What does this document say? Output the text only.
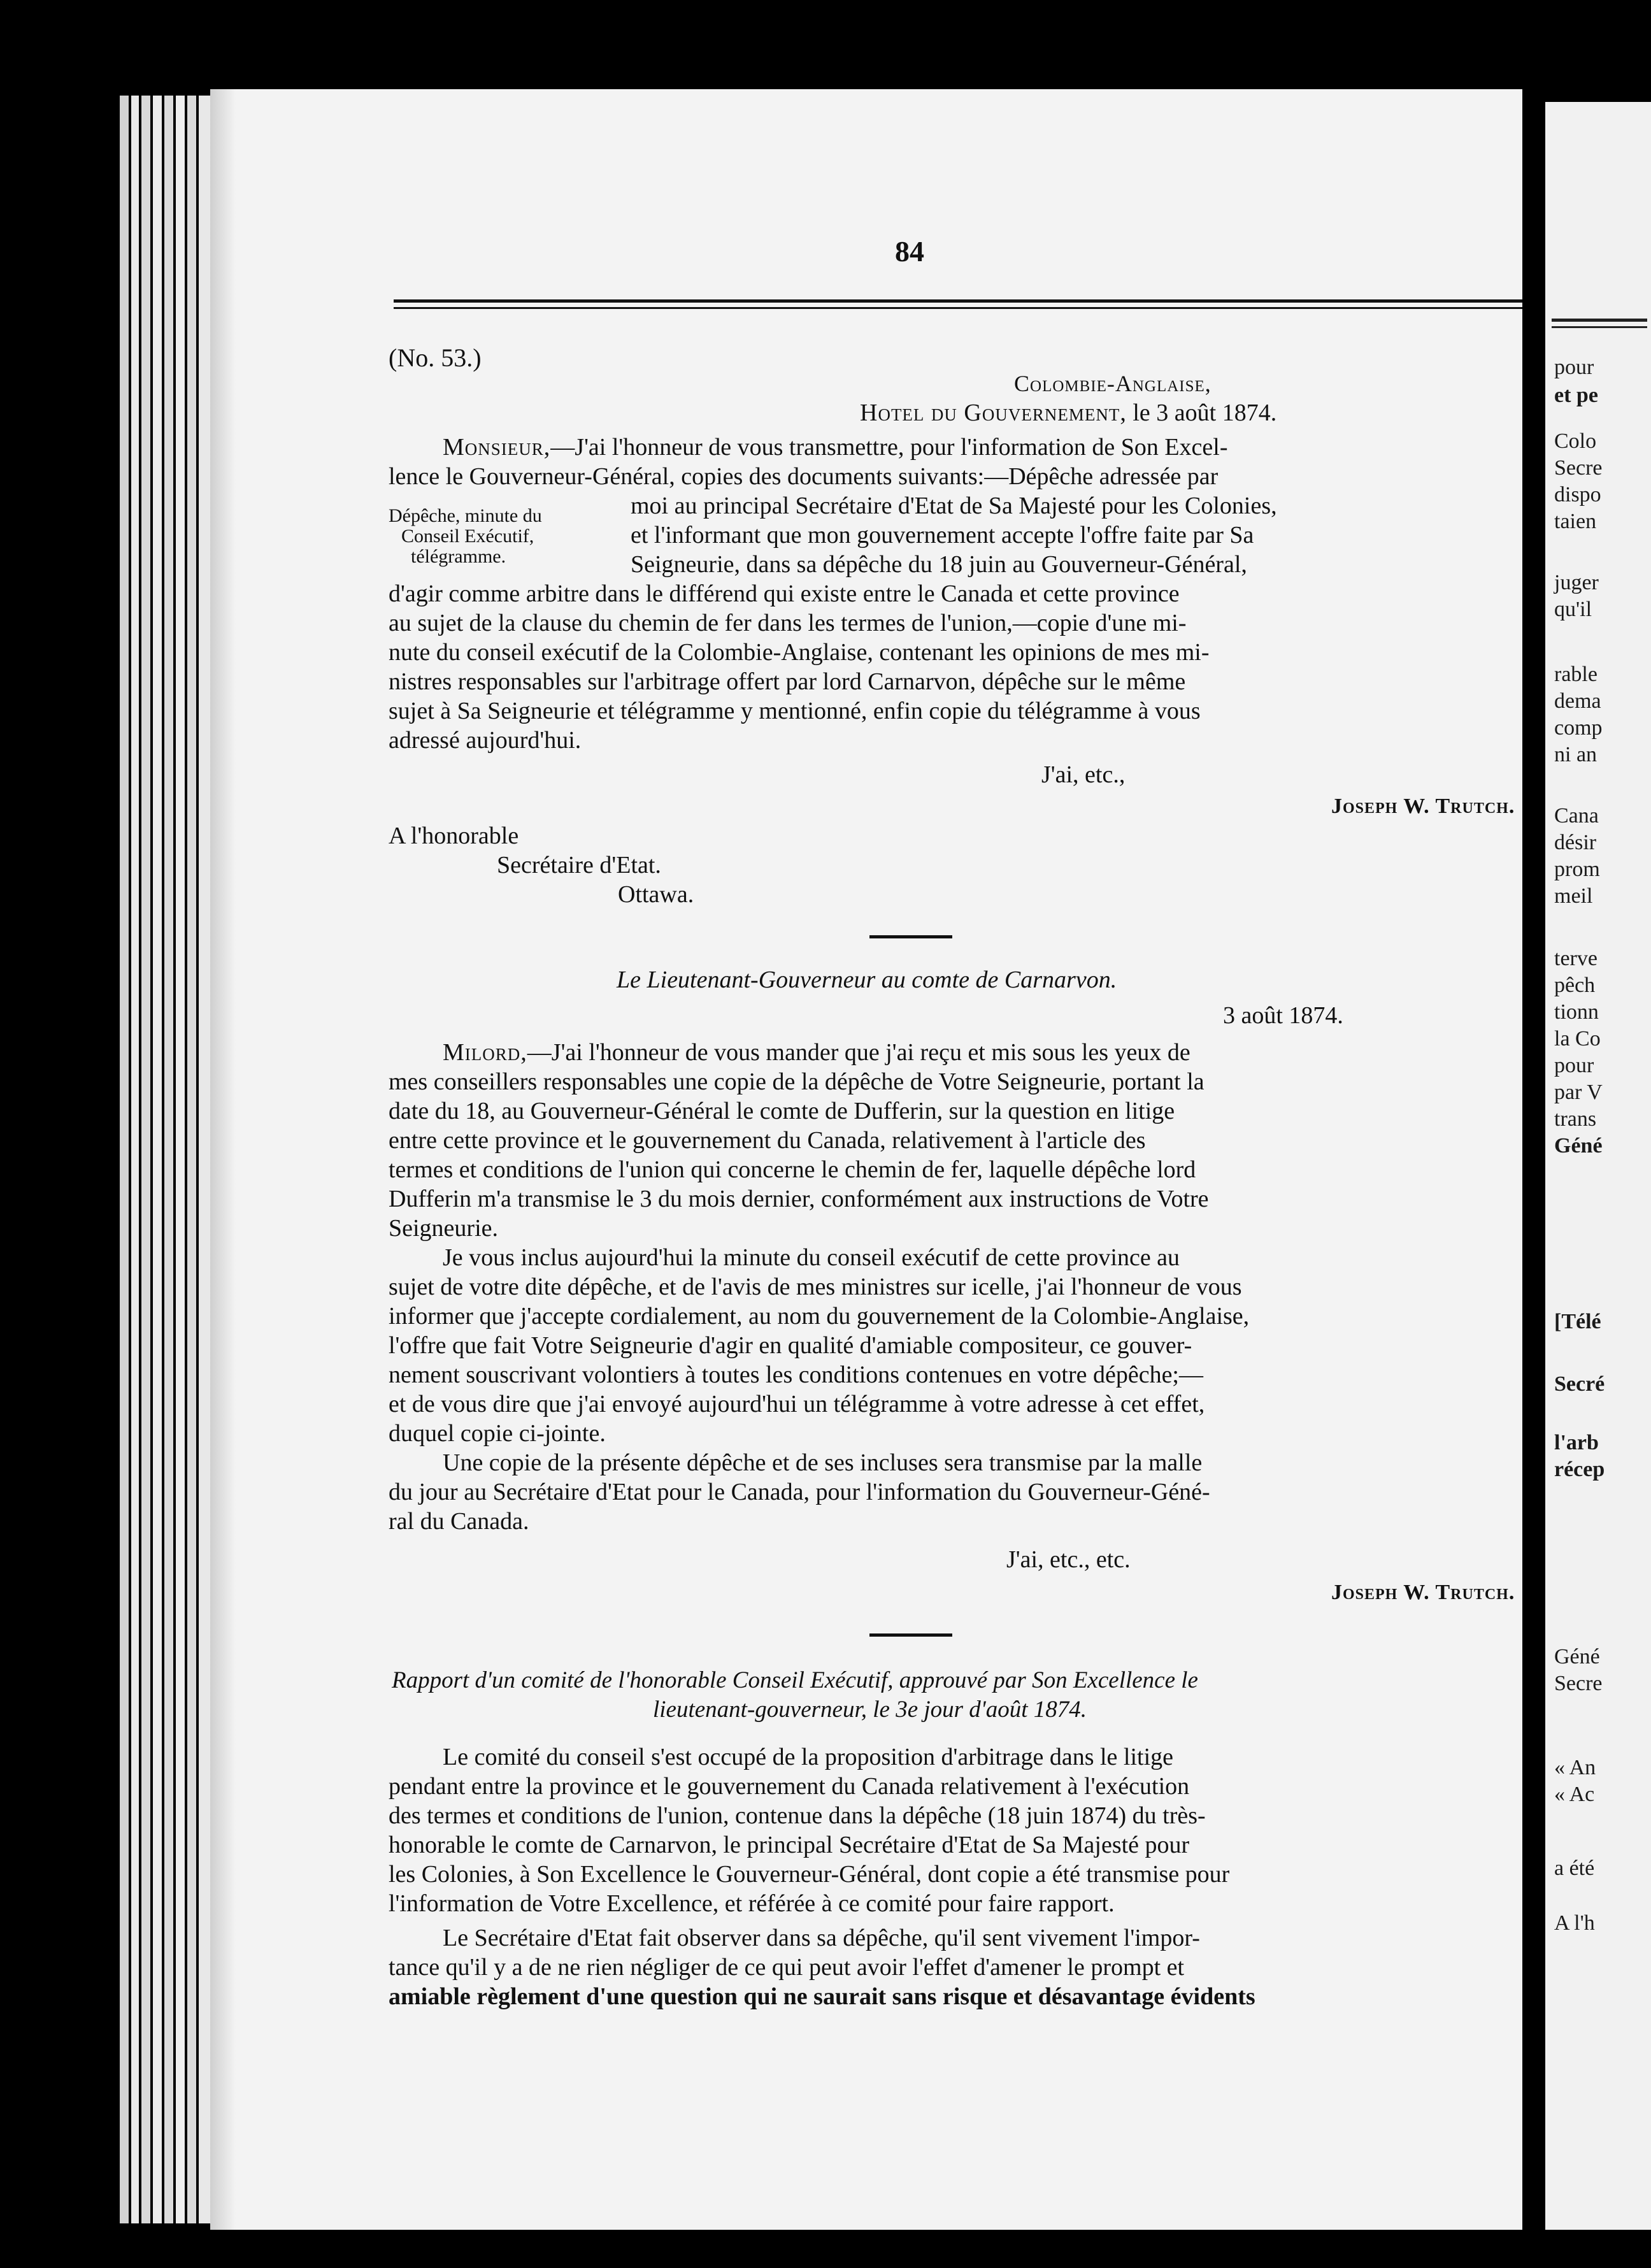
84
(No. 53.)
Colombie-Anglaise,
Hotel du Gouvernement, le 3 août 1874.
Monsieur,—J'ai l'honneur de vous transmettre, pour l'information de Son Excel-
lence le Gouverneur-Général, copies des documents suivants:—Dépêche adressée par
Dépêche, minute du
Conseil Exécutif,
télégramme.
moi au principal Secrétaire d'Etat de Sa Majesté pour les Colonies,
et l'informant que mon gouvernement accepte l'offre faite par Sa
Seigneurie, dans sa dépêche du 18 juin au Gouverneur-Général,
d'agir comme arbitre dans le différend qui existe entre le Canada et cette province
au sujet de la clause du chemin de fer dans les termes de l'union,—copie d'une mi-
nute du conseil exécutif de la Colombie-Anglaise, contenant les opinions de mes mi-
nistres responsables sur l'arbitrage offert par lord Carnarvon, dépêche sur le même
sujet à Sa Seigneurie et télégramme y mentionné, enfin copie du télégramme à vous
adressé aujourd'hui.
J'ai, etc.,
Joseph W. Trutch.
A l'honorable
Secrétaire d'Etat.
Ottawa.
Le Lieutenant-Gouverneur au comte de Carnarvon.
3 août 1874.
Milord,—J'ai l'honneur de vous mander que j'ai reçu et mis sous les yeux de
mes conseillers responsables une copie de la dépêche de Votre Seigneurie, portant la
date du 18, au Gouverneur-Général le comte de Dufferin, sur la question en litige
entre cette province et le gouvernement du Canada, relativement à l'article des
termes et conditions de l'union qui concerne le chemin de fer, laquelle dépêche lord
Dufferin m'a transmise le 3 du mois dernier, conformément aux instructions de Votre
Seigneurie.
Je vous inclus aujourd'hui la minute du conseil exécutif de cette province au
sujet de votre dite dépêche, et de l'avis de mes ministres sur icelle, j'ai l'honneur de vous
informer que j'accepte cordialement, au nom du gouvernement de la Colombie-Anglaise,
l'offre que fait Votre Seigneurie d'agir en qualité d'amiable compositeur, ce gouver-
nement souscrivant volontiers à toutes les conditions contenues en votre dépêche;—
et de vous dire que j'ai envoyé aujourd'hui un télégramme à votre adresse à cet effet,
duquel copie ci-jointe.
Une copie de la présente dépêche et de ses incluses sera transmise par la malle
du jour au Secrétaire d'Etat pour le Canada, pour l'information du Gouverneur-Géné-
ral du Canada.
J'ai, etc., etc.
Joseph W. Trutch.
Rapport d'un comité de l'honorable Conseil Exécutif, approuvé par Son Excellence le
lieutenant-gouverneur, le 3e jour d'août 1874.
Le comité du conseil s'est occupé de la proposition d'arbitrage dans le litige
pendant entre la province et le gouvernement du Canada relativement à l'exécution
des termes et conditions de l'union, contenue dans la dépêche (18 juin 1874) du très-
honorable le comte de Carnarvon, le principal Secrétaire d'Etat de Sa Majesté pour
les Colonies, à Son Excellence le Gouverneur-Général, dont copie a été transmise pour
l'information de Votre Excellence, et référée à ce comité pour faire rapport.
Le Secrétaire d'Etat fait observer dans sa dépêche, qu'il sent vivement l'impor-
tance qu'il y a de ne rien négliger de ce qui peut avoir l'effet d'amener le prompt et
amiable règlement d'une question qui ne saurait sans risque et désavantage évidents
pour
et pe
Colo
Secre
dispo
taien
juger
qu'il
rable
dema
comp
ni an
Cana
désir
prom
meil
terve
pêch
tionn
la Co
pour
par V
trans
Géné
[Télé
Secré
l'arb
récep
Géné
Secre
« An
« Ac
a été
A l'h
